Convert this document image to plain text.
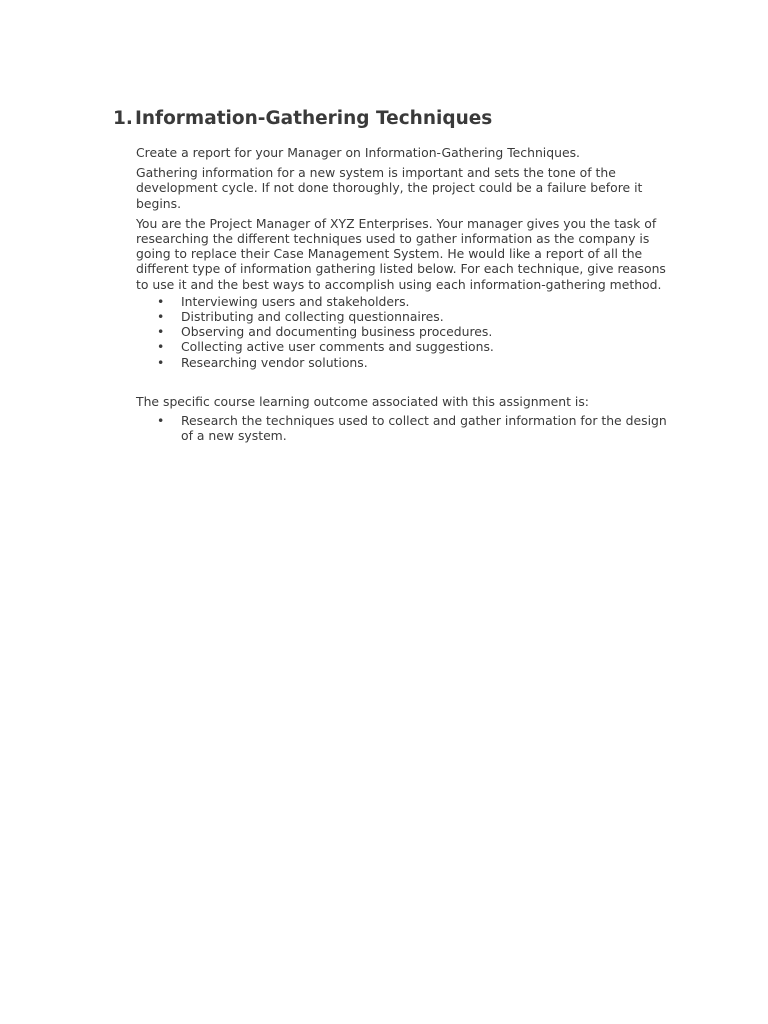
1. Information-Gathering Techniques

Create a report for your Manager on Information-Gathering Techniques.

Gathering information for a new system is important and sets the tone of the development cycle. If not done thoroughly, the project could be a failure before it begins.

You are the Project Manager of XYZ Enterprises. Your manager gives you the task of researching the different techniques used to gather information as the company is going to replace their Case Management System. He would like a report of all the different type of information gathering listed below. For each technique, give reasons to use it and the best ways to accomplish using each information-gathering method.

• Interviewing users and stakeholders.
• Distributing and collecting questionnaires.
• Observing and documenting business procedures.
• Collecting active user comments and suggestions.
• Researching vendor solutions.

The specific course learning outcome associated with this assignment is:

• Research the techniques used to collect and gather information for the design of a new system.
